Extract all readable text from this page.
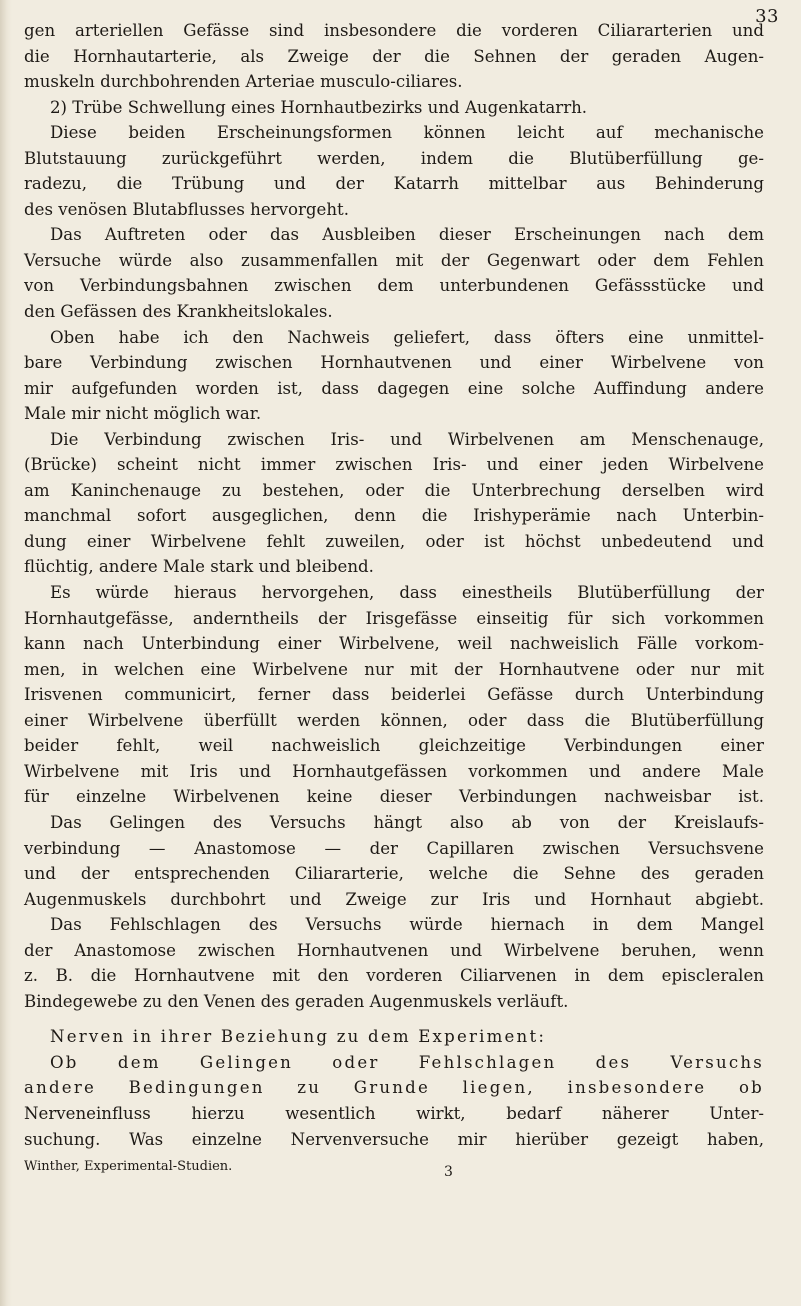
33
gen arteriellen Gefässe sind insbesondere die vorderen Ciliararterien und
die Hornhautarterie, als Zweige der die Sehnen der geraden Augen-
muskeln durchbohrenden Arteriae musculo-ciliares.
2) Trübe Schwellung eines Hornhautbezirks und Augenkatarrh.
Diese beiden Erscheinungsformen können leicht auf mechanische
Blutstauung zurückgeführt werden, indem die Blutüberfüllung ge-
radezu, die Trübung und der Katarrh mittelbar aus Behinderung
des venösen Blutabflusses hervorgeht.
Das Auftreten oder das Ausbleiben dieser Erscheinungen nach dem
Versuche würde also zusammenfallen mit der Gegenwart oder dem Fehlen
von Verbindungsbahnen zwischen dem unterbundenen Gefässstücke und
den Gefässen des Krankheitslokales.
Oben habe ich den Nachweis geliefert, dass öfters eine unmittel-
bare Verbindung zwischen Hornhautvenen und einer Wirbelvene von
mir aufgefunden worden ist, dass dagegen eine solche Auffindung andere
Male mir nicht möglich war.
Die Verbindung zwischen Iris- und Wirbelvenen am Menschenauge,
(Brücke) scheint nicht immer zwischen Iris- und einer jeden Wirbelvene
am Kaninchenauge zu bestehen, oder die Unterbrechung derselben wird
manchmal sofort ausgeglichen, denn die Irishyperämie nach Unterbin-
dung einer Wirbelvene fehlt zuweilen, oder ist höchst unbedeutend und
flüchtig, andere Male stark und bleibend.
Es würde hieraus hervorgehen, dass einestheils Blutüberfüllung der
Hornhautgefässe, anderntheils der Irisgefässe einseitig für sich vorkommen
kann nach Unterbindung einer Wirbelvene, weil nachweislich Fälle vorkom-
men, in welchen eine Wirbelvene nur mit der Hornhautvene oder nur mit
Irisvenen communicirt, ferner dass beiderlei Gefässe durch Unterbindung
einer Wirbelvene überfüllt werden können, oder dass die Blutüberfüllung
beider fehlt, weil nachweislich gleichzeitige Verbindungen einer
Wirbelvene mit Iris und Hornhautgefässen vorkommen und andere Male
für einzelne Wirbelvenen keine dieser Verbindungen nachweisbar ist.
Das Gelingen des Versuchs hängt also ab von der Kreislaufs-
verbindung — Anastomose — der Capillaren zwischen Versuchsvene
und der entsprechenden Ciliararterie, welche die Sehne des geraden
Augenmuskels durchbohrt und Zweige zur Iris und Hornhaut abgiebt.
Das Fehlschlagen des Versuchs würde hiernach in dem Mangel
der Anastomose zwischen Hornhautvenen und Wirbelvene beruhen, wenn
z. B. die Hornhautvene mit den vorderen Ciliarvenen in dem episcleralen
Bindegewebe zu den Venen des geraden Augenmuskels verläuft.
Nerven in ihrer Beziehung zu dem Experiment:
Ob dem Gelingen oder Fehlschlagen des Versuchs
andere Bedingungen zu Grunde liegen, insbesondere ob
Nerveneinfluss hierzu wesentlich wirkt, bedarf näherer Unter-
suchung. Was einzelne Nervenversuche mir hierüber gezeigt haben,
Winther, Experimental-Studien.	3
